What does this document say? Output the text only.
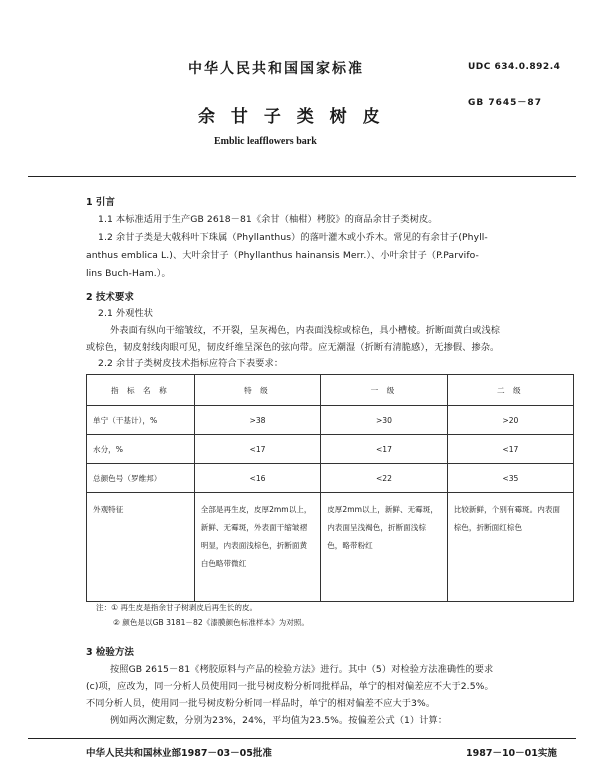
中华人民共和国国家标准	UDC 634.0.892.4
GB 7645－87
余 甘 子 类 树 皮
Emblic leafflowers bark
1 引言
1.1 本标准适用于生产GB 2618－81《余甘（柚柑）栲胶》的商品余甘子类树皮。
1.2 余甘子类是大戟科叶下珠属（Phyllanthus）的落叶灌木或小乔木。常见的有余甘子(Phyll-
anthus emblica L.)、大叶余甘子（Phyllanthus hainansis Merr.）、小叶余甘子（P.Parvifo-
lins Buch-Ham.）。
2 技术要求
2.1 外观性状
外表面有纵向干缩皱纹，不开裂，呈灰褐色，内表面浅棕或棕色，具小槽棱。折断面黄白或浅棕
或棕色，韧皮射线肉眼可见，韧皮纤维呈深色的弦向带。应无潮湿（折断有清脆感），无掺假、掺杂。
2.2 余甘子类树皮技术指标应符合下表要求：
指 标 名 称	特 级	一 级	二 级
单宁（干基计），%	>38	>30	>20
水分，%	<17	<17	<17
总颜色号（罗维邦）	<16	<22	<35
外观特征	全部是再生皮，皮厚2mm以上，新鲜、无霉斑，外表面干缩皱褶明显，内表面浅棕色，折断面黄白色略带微红	皮厚2mm以上，新鲜、无霉斑，内表面呈浅褐色，折断面浅棕色，略带粉红	比较新鲜，个别有霉斑。内表面棕色，折断面红棕色
注：① 再生皮是指余甘子树剥皮后再生长的皮。
② 颜色是以GB 3181－82《漆膜颜色标准样本》为对照。
3 检验方法
按照GB 2615－81《栲胶原料与产品的检验方法》进行。其中（5）对检验方法准确性的要求
(c)项，应改为，同一分析人员使用同一批号树皮粉分析同批样品，单宁的相对偏差应不大于2.5%。
不同分析人员，使用同一批号树皮粉分析同一样品时，单宁的相对偏差不应大于3%。
例如两次测定数，分别为23%，24%，平均值为23.5%。按偏差公式（1）计算：
中华人民共和国林业部1987－03－05批准	1987－10－01实施
